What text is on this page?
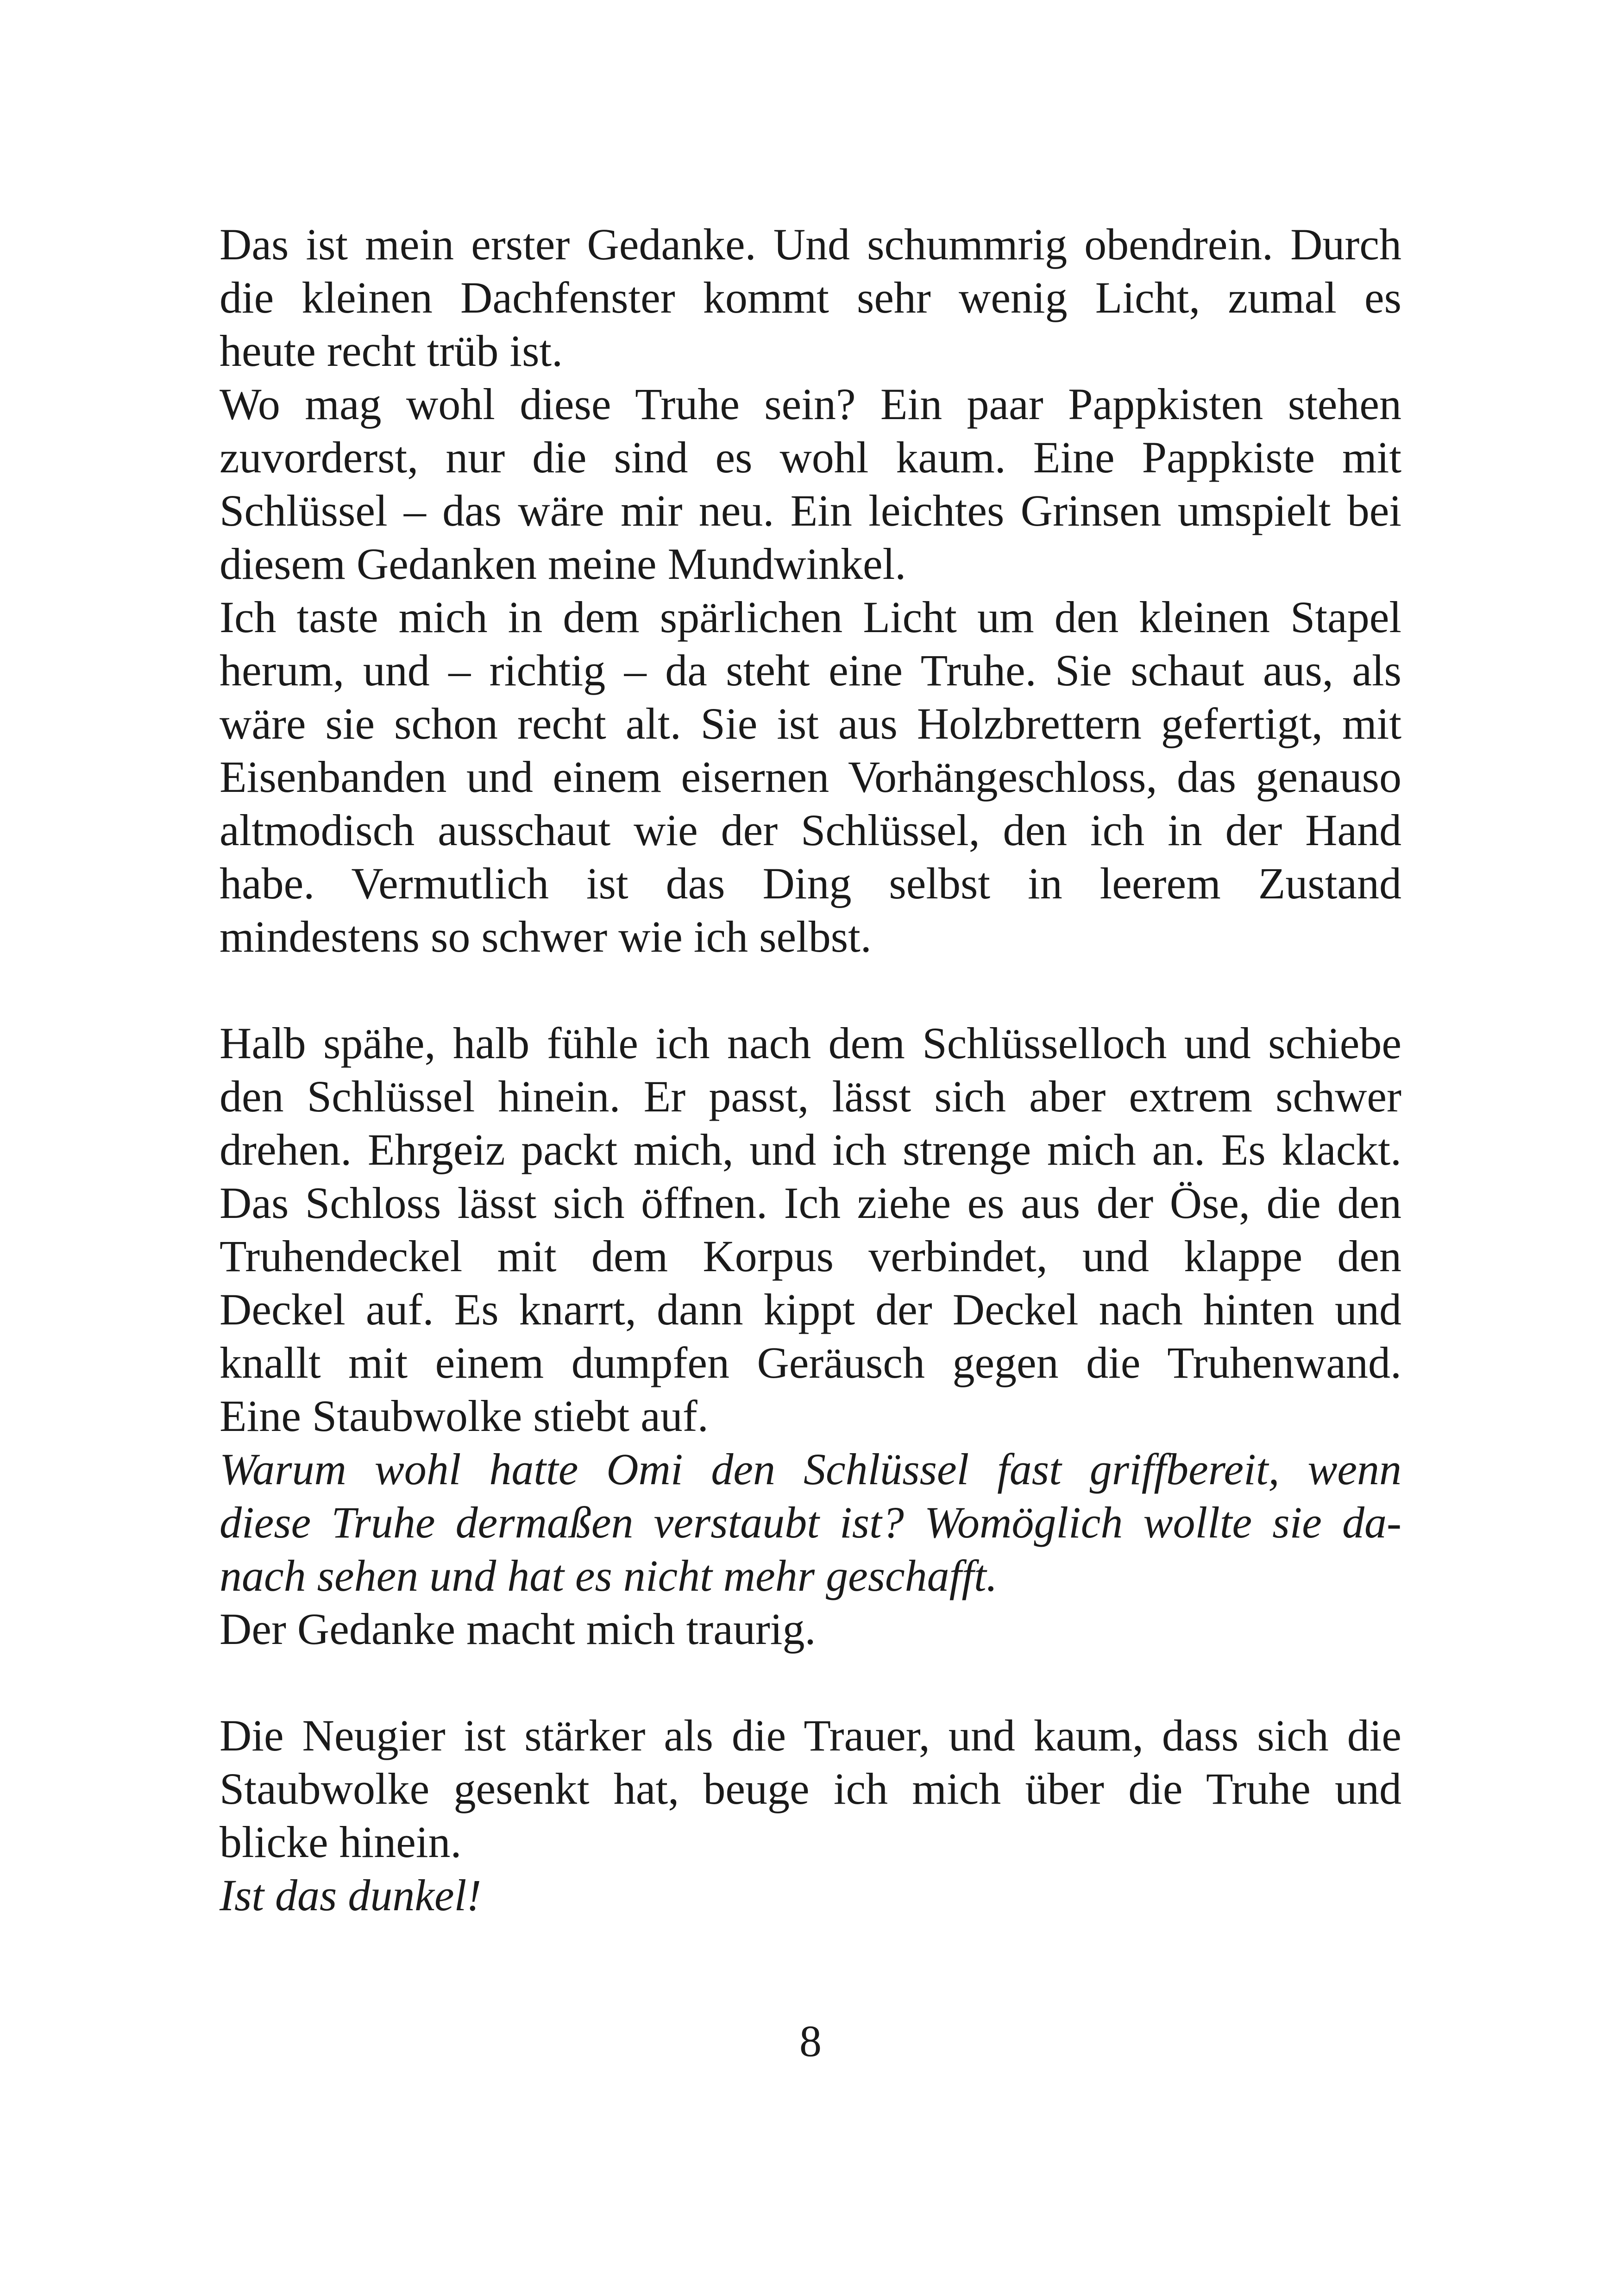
Das ist mein erster Gedanke. Und schummrig obendrein. Durch
die kleinen Dachfenster kommt sehr wenig Licht, zumal es
heute recht trüb ist.
Wo mag wohl diese Truhe sein? Ein paar Pappkisten stehen
zuvorderst, nur die sind es wohl kaum. Eine Pappkiste mit
Schlüssel – das wäre mir neu. Ein leichtes Grinsen umspielt bei
diesem Gedanken meine Mundwinkel.
Ich taste mich in dem spärlichen Licht um den kleinen Stapel
herum, und – richtig – da steht eine Truhe. Sie schaut aus, als
wäre sie schon recht alt. Sie ist aus Holzbrettern gefertigt, mit
Eisenbanden und einem eisernen Vorhängeschloss, das genauso
altmodisch ausschaut wie der Schlüssel, den ich in der Hand
habe. Vermutlich ist das Ding selbst in leerem Zustand
mindestens so schwer wie ich selbst.
Halb spähe, halb fühle ich nach dem Schlüsselloch und schiebe
den Schlüssel hinein. Er passt, lässt sich aber extrem schwer
drehen. Ehrgeiz packt mich, und ich strenge mich an. Es klackt.
Das Schloss lässt sich öffnen. Ich ziehe es aus der Öse, die den
Truhendeckel mit dem Korpus verbindet, und klappe den
Deckel auf. Es knarrt, dann kippt der Deckel nach hinten und
knallt mit einem dumpfen Geräusch gegen die Truhenwand.
Eine Staubwolke stiebt auf.
Warum wohl hatte Omi den Schlüssel fast griffbereit, wenn
diese Truhe dermaßen verstaubt ist? Womöglich wollte sie da-
nach sehen und hat es nicht mehr geschafft.
Der Gedanke macht mich traurig.
Die Neugier ist stärker als die Trauer, und kaum, dass sich die
Staubwolke gesenkt hat, beuge ich mich über die Truhe und
blicke hinein.
Ist das dunkel!
8
